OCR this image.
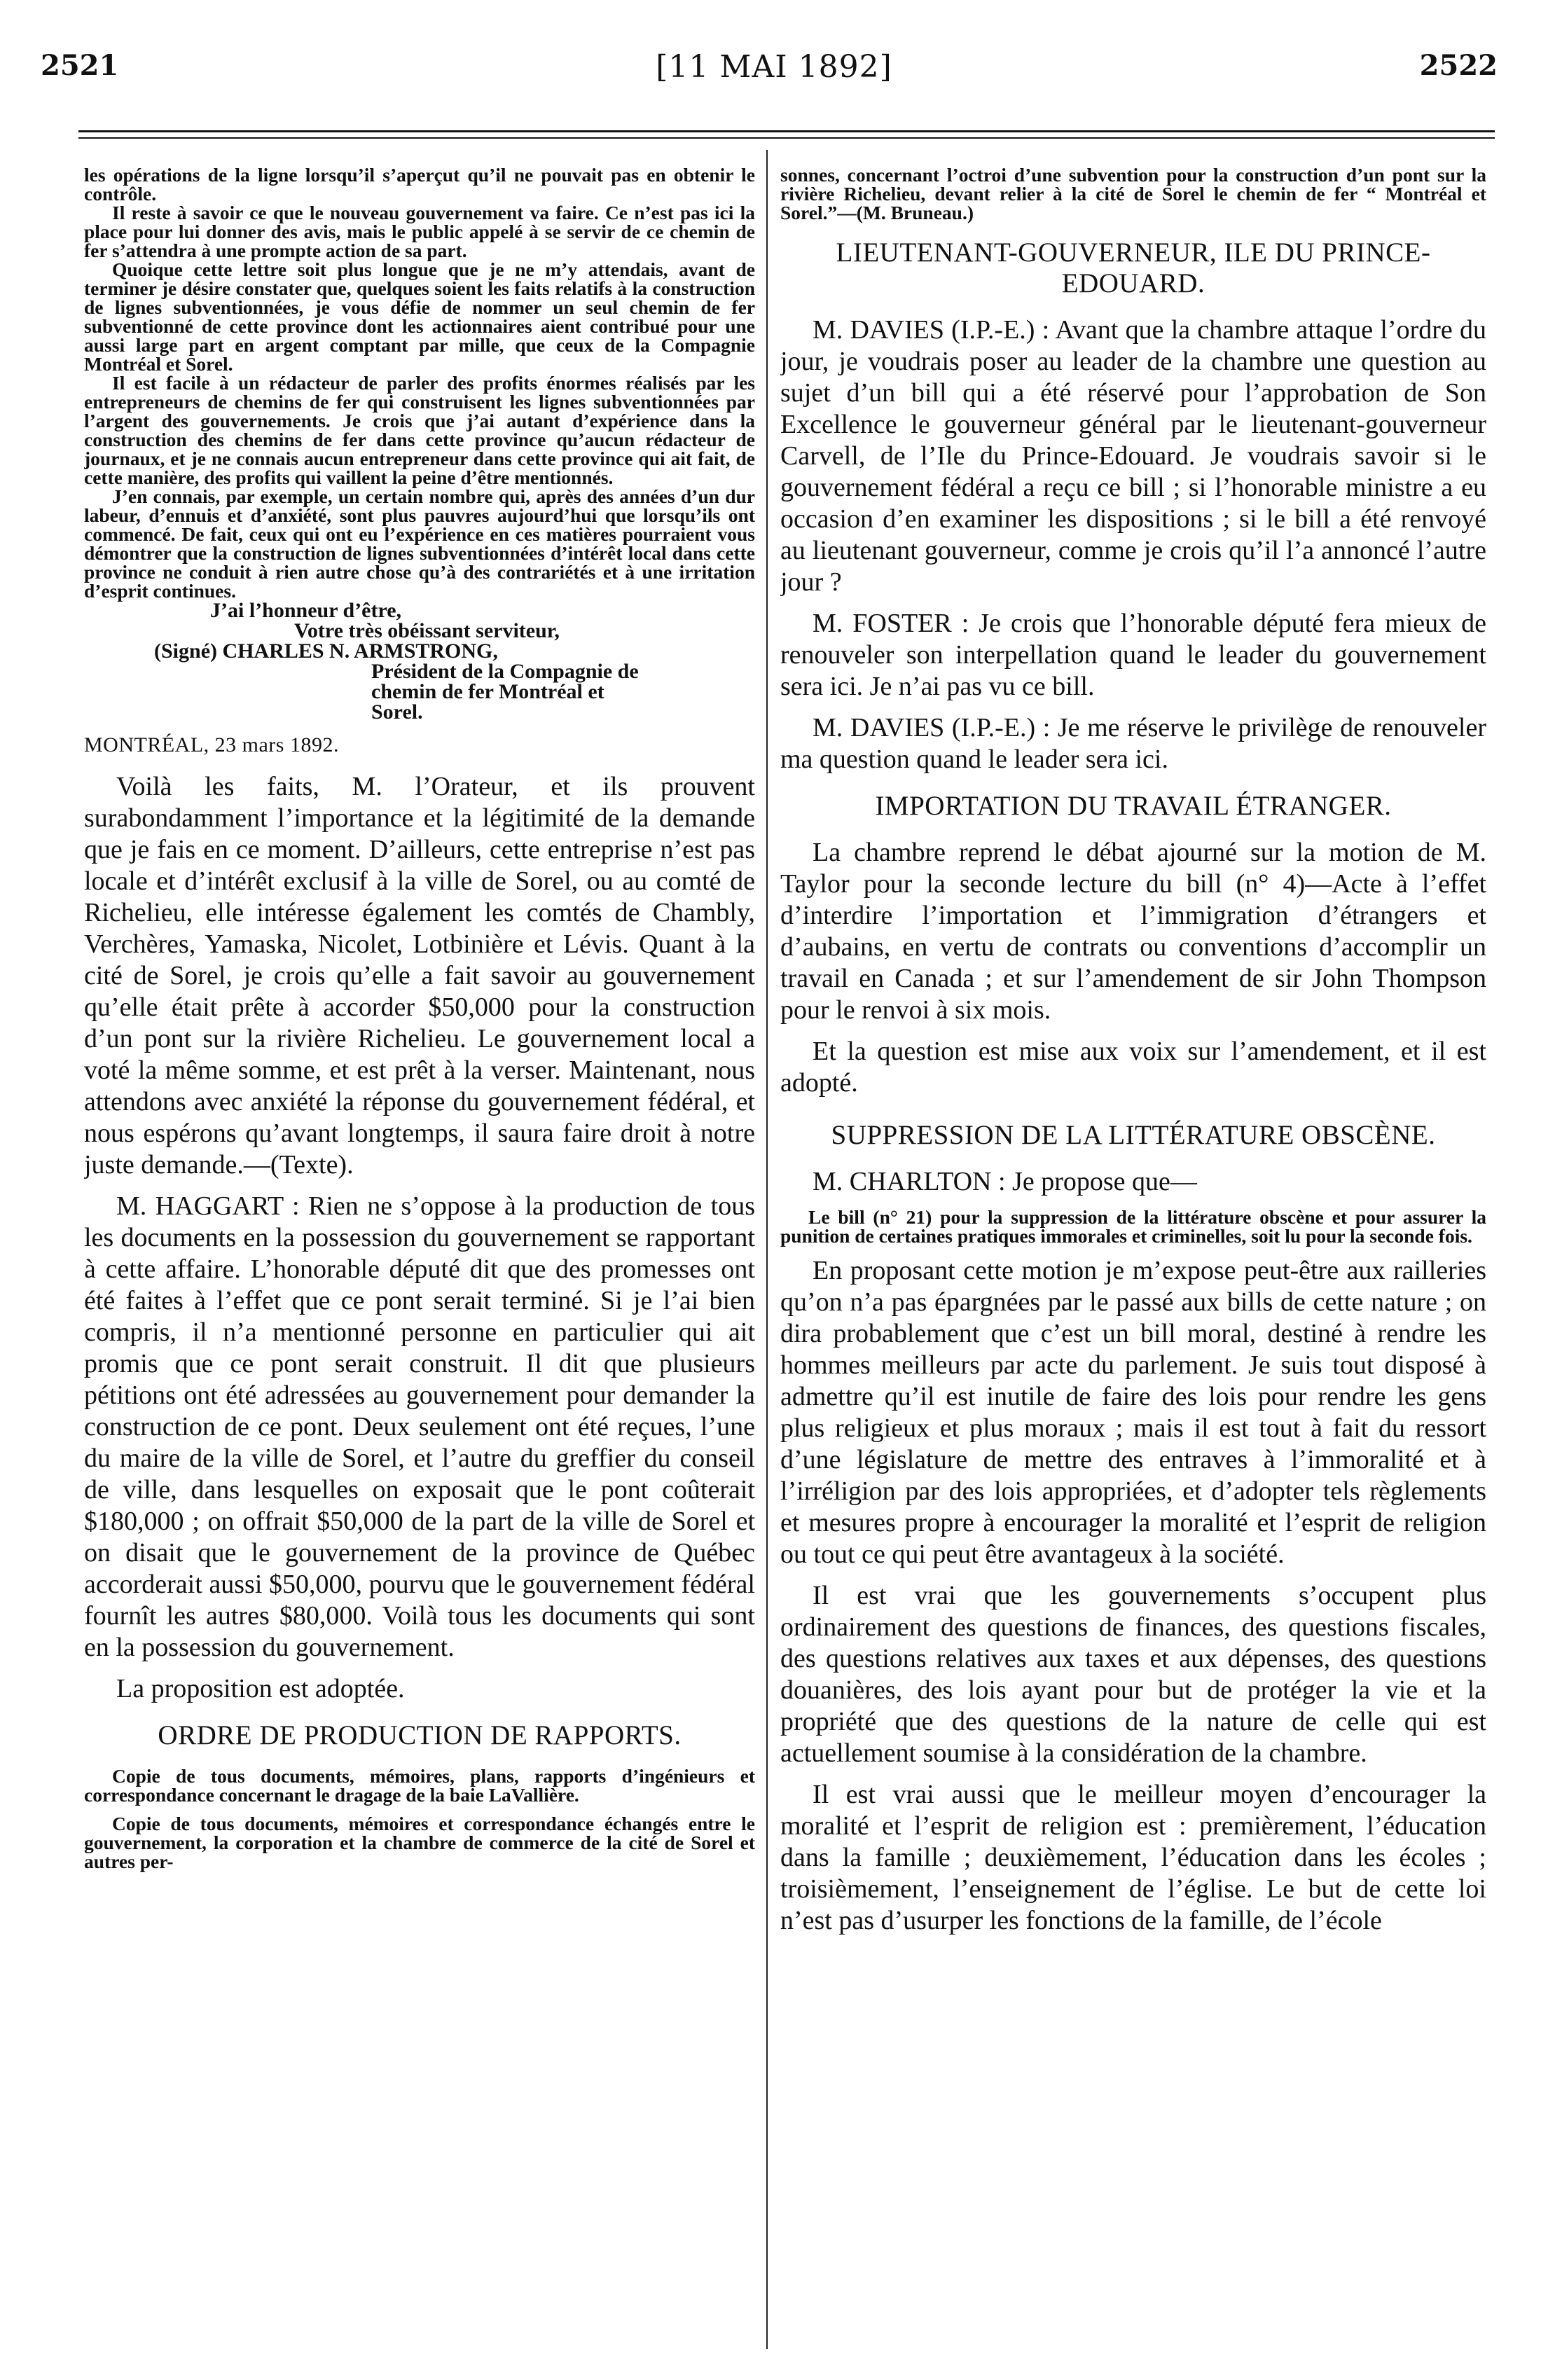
2521	[11 MAI 1892]	2522

les opérations de la ligne lorsqu’il s’aperçut qu’il ne pouvait pas en obtenir le contrôle.

Il reste à savoir ce que le nouveau gouvernement va faire. Ce n’est pas ici la place pour lui donner des avis, mais le public appelé à se servir de ce chemin de fer s’attendra à une prompte action de sa part.

Quoique cette lettre soit plus longue que je ne m’y attendais, avant de terminer je désire constater que, quelques soient les faits relatifs à la construction de lignes subventionnées, je vous défie de nommer un seul chemin de fer subventionné de cette province dont les actionnaires aient contribué pour une aussi large part en argent comptant par mille, que ceux de la Compagnie Montréal et Sorel.

Il est facile à un rédacteur de parler des profits énormes réalisés par les entrepreneurs de chemins de fer qui construisent les lignes subventionnées par l’argent des gouvernements. Je crois que j’ai autant d’expérience dans la construction des chemins de fer dans cette province qu’aucun rédacteur de journaux, et je ne connais aucun entrepreneur dans cette province qui ait fait, de cette manière, des profits qui vaillent la peine d’être mentionnés.

J’en connais, par exemple, un certain nombre qui, après des années d’un dur labeur, d’ennuis et d’anxiété, sont plus pauvres aujourd’hui que lorsqu’ils ont commencé. De fait, ceux qui ont eu l’expérience en ces matières pourraient vous démontrer que la construction de lignes subventionnées d’intérêt local dans cette province ne conduit à rien autre chose qu’à des contrariétés et à une irritation d’esprit continues.

J’ai l’honneur d’être,
Votre très obéissant serviteur,
(Signé) CHARLES N. ARMSTRONG,
Président de la Compagnie de
chemin de fer Montréal et
Sorel.
MONTRÉAL, 23 mars 1892.

Voilà les faits, M. l’Orateur, et ils prouvent surabondamment l’importance et la légitimité de la demande que je fais en ce moment. D’ailleurs, cette entreprise n’est pas locale et d’intérêt exclusif à la ville de Sorel, ou au comté de Richelieu, elle intéresse également les comtés de Chambly, Verchères, Yamaska, Nicolet, Lotbinière et Lévis. Quant à la cité de Sorel, je crois qu’elle a fait savoir au gouvernement qu’elle était prête à accorder $50,000 pour la construction d’un pont sur la rivière Richelieu. Le gouvernement local a voté la même somme, et est prêt à la verser. Maintenant, nous attendons avec anxiété la réponse du gouvernement fédéral, et nous espérons qu’avant longtemps, il saura faire droit à notre juste demande.—(Texte).

M. HAGGART : Rien ne s’oppose à la production de tous les documents en la possession du gouvernement se rapportant à cette affaire. L’honorable député dit que des promesses ont été faites à l’effet que ce pont serait terminé. Si je l’ai bien compris, il n’a mentionné personne en particulier qui ait promis que ce pont serait construit. Il dit que plusieurs pétitions ont été adressées au gouvernement pour demander la construction de ce pont. Deux seulement ont été reçues, l’une du maire de la ville de Sorel, et l’autre du greffier du conseil de ville, dans lesquelles on exposait que le pont coûterait $180,000 ; on offrait $50,000 de la part de la ville de Sorel et on disait que le gouvernement de la province de Québec accorderait aussi $50,000, pourvu que le gouvernement fédéral fournît les autres $80,000. Voilà tous les documents qui sont en la possession du gouvernement.

La proposition est adoptée.

ORDRE DE PRODUCTION DE RAPPORTS.

Copie de tous documents, mémoires, plans, rapports d’ingénieurs et correspondance concernant le dragage de la baie LaVallière.

Copie de tous documents, mémoires et correspondance échangés entre le gouvernement, la corporation et la chambre de commerce de la cité de Sorel et autres per-

sonnes, concernant l’octroi d’une subvention pour la construction d’un pont sur la rivière Richelieu, devant relier à la cité de Sorel le chemin de fer “ Montréal et Sorel.”—(M. Bruneau.)

LIEUTENANT-GOUVERNEUR, ILE DU PRINCE-EDOUARD.

M. DAVIES (I.P.-E.) : Avant que la chambre attaque l’ordre du jour, je voudrais poser au leader de la chambre une question au sujet d’un bill qui a été réservé pour l’approbation de Son Excellence le gouverneur général par le lieutenant-gouverneur Carvell, de l’Ile du Prince-Edouard. Je voudrais savoir si le gouvernement fédéral a reçu ce bill ; si l’honorable ministre a eu occasion d’en examiner les dispositions ; si le bill a été renvoyé au lieutenant gouverneur, comme je crois qu’il l’a annoncé l’autre jour ?

M. FOSTER : Je crois que l’honorable député fera mieux de renouveler son interpellation quand le leader du gouvernement sera ici. Je n’ai pas vu ce bill.

M. DAVIES (I.P.-E.) : Je me réserve le privilège de renouveler ma question quand le leader sera ici.

IMPORTATION DU TRAVAIL ÉTRANGER.

La chambre reprend le débat ajourné sur la motion de M. Taylor pour la seconde lecture du bill (n° 4)—Acte à l’effet d’interdire l’importation et l’immigration d’étrangers et d’aubains, en vertu de contrats ou conventions d’accomplir un travail en Canada ; et sur l’amendement de sir John Thompson pour le renvoi à six mois.

Et la question est mise aux voix sur l’amendement, et il est adopté.

SUPPRESSION DE LA LITTÉRATURE OBSCÈNE.

M. CHARLTON : Je propose que—

Le bill (n° 21) pour la suppression de la littérature obscène et pour assurer la punition de certaines pratiques immorales et criminelles, soit lu pour la seconde fois.

En proposant cette motion je m’expose peut-être aux railleries qu’on n’a pas épargnées par le passé aux bills de cette nature ; on dira probablement que c’est un bill moral, destiné à rendre les hommes meilleurs par acte du parlement. Je suis tout disposé à admettre qu’il est inutile de faire des lois pour rendre les gens plus religieux et plus moraux ; mais il est tout à fait du ressort d’une législature de mettre des entraves à l’immoralité et à l’irréligion par des lois appropriées, et d’adopter tels règlements et mesures propre à encourager la moralité et l’esprit de religion ou tout ce qui peut être avantageux à la société.

Il est vrai que les gouvernements s’occupent plus ordinairement des questions de finances, des questions fiscales, des questions relatives aux taxes et aux dépenses, des questions douanières, des lois ayant pour but de protéger la vie et la propriété que des questions de la nature de celle qui est actuellement soumise à la considération de la chambre.

Il est vrai aussi que le meilleur moyen d’encourager la moralité et l’esprit de religion est : premièrement, l’éducation dans la famille ; deuxièmement, l’éducation dans les écoles ; troisièmement, l’enseignement de l’église. Le but de cette loi n’est pas d’usurper les fonctions de la famille, de l’école
